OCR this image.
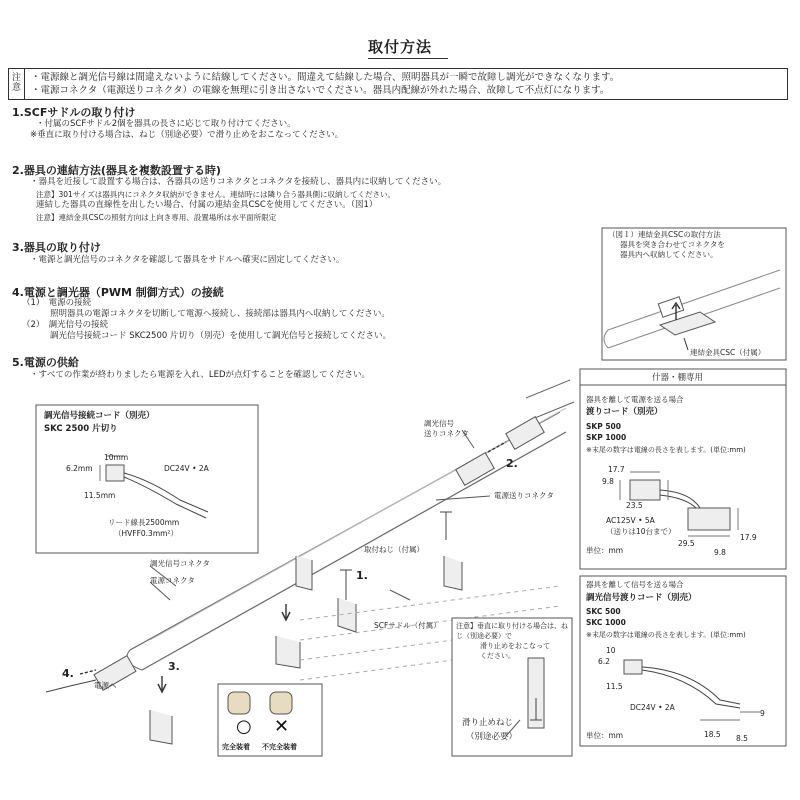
取付方法
注意
・電源線と調光信号線は間違えないように結線してください。間違えて結線した場合、照明器具が一瞬で故障し調光ができなくなります。
・電源コネクタ（電源送りコネクタ）の電線を無理に引き出さないでください。器具内配線が外れた場合、故障して不点灯になります。
1.SCFサドルの取り付け
・付属のSCFサドル2個を器具の長さに応じて取り付けてください。
※垂直に取り付ける場合は、ねじ（別途必要）で滑り止めをおこなってください。
2.器具の連結方法(器具を複数設置する時)
・器具を近接して設置する場合は、各器具の送りコネクタとコネクタを接続し、器具内に収納してください。
注意】301サイズは器具内にコネクタ収納ができません。連結時には隣り合う器具側に収納してください。
連結した器具の直線性を出したい場合、付属の連結金具CSCを使用してください。（図1）
注意】連結金具CSCの照射方向は上向き専用、設置場所は水平面所限定
3.器具の取り付け
・電源と調光信号のコネクタを確認して器具をサドルへ確実に固定してください。
4.電源と調光器（PWM 制御方式）の接続
（1）　電源の接続
照明器具の電源コネクタを切断して電源へ接続し、接続部は器具内へ収納してください。
（2）　調光信号の接続
調光信号接続コード SKC2500 片切り（別売）を使用して調光信号と接続してください。
5.電源の供給
・すべての作業が終わりましたら電源を入れ、LEDが点灯することを確認してください。
○ ✕
（図１）連結金具CSCの取付方法
器具を突き合わせてコネクタを
器具内へ収納してください。
連結金具CSC（付属）
調光信号接続コード（別売）
SKC 2500 片切り
10mm
6.2mm
11.5mm
DC24V • 2A
リード線長2500mm
（HVFF0.3mm²）
什器・棚専用
器具を離して電源を送る場合
渡りコード（別売）
SKP 500
SKP 1000
※末尾の数字は電線の長さを表します。(単位:mm)
17.7
9.8
23.5
AC125V • 5A
（送りは10台まで）
29.5
17.9
9.8
単位：mm
器具を離して信号を送る場合
調光信号渡りコード（別売）
SKC 500
SKC 1000
※末尾の数字は電線の長さを表します。(単位:mm)
10
6.2
11.5
DC24V • 2A
9
18.5 8.5
単位：mm
注意】垂直に取り付ける場合は、ねじ（別途必要）で
滑り止めをおこなって
ください。
滑り止めねじ
（別途必要）
調光信号
送りコネクタ
電源送りコネクタ
取付ねじ（付属）
調光信号コネクタ
電源コネクタ
SCFサドル（付属）
電源へ
1.
2.
3.
4.
完全装着 不完全装着
